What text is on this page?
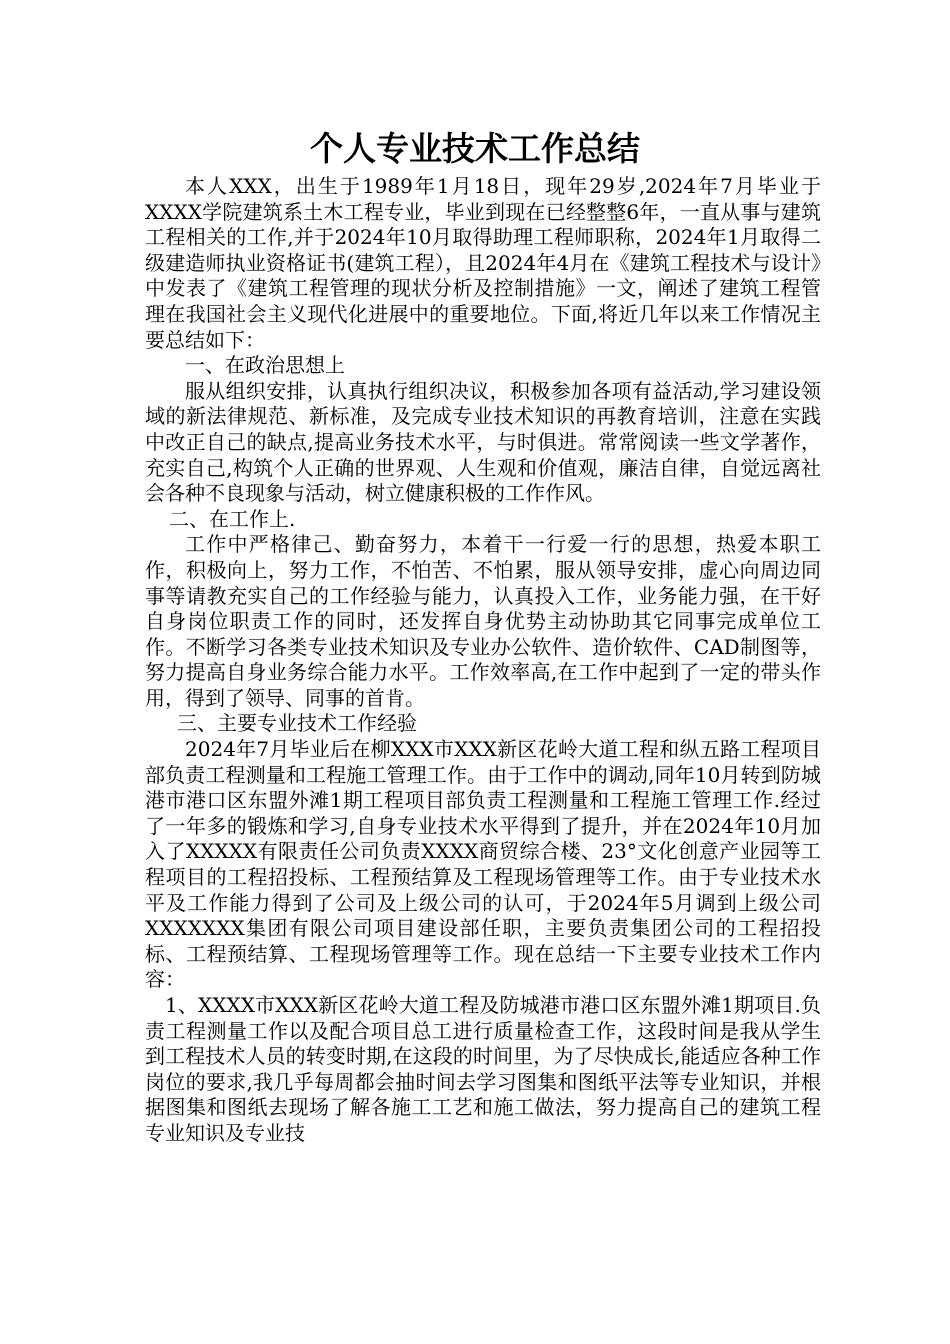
个人专业技术工作总结

本人XXX，出生于1989年1月18日，现年29岁,2024年7月毕业于XXXX学院建筑系土木工程专业，毕业到现在已经整整6年，一直从事与建筑工程相关的工作,并于2024年10月取得助理工程师职称，2024年1月取得二级建造师执业资格证书(建筑工程），且2024年4月在《建筑工程技术与设计》中发表了《建筑工程管理的现状分析及控制措施》一文，阐述了建筑工程管理在我国社会主义现代化进展中的重要地位。下面,将近几年以来工作情况主要总结如下：

一、在政治思想上

服从组织安排，认真执行组织决议，积极参加各项有益活动,学习建设领域的新法律规范、新标准，及完成专业技术知识的再教育培训，注意在实践中改正自己的缺点,提高业务技术水平，与时俱进。常常阅读一些文学著作，充实自己,构筑个人正确的世界观、人生观和价值观，廉洁自律，自觉远离社会各种不良现象与活动，树立健康积极的工作作风。

二、在工作上.

工作中严格律己、勤奋努力，本着干一行爱一行的思想，热爱本职工作，积极向上，努力工作，不怕苦、不怕累，服从领导安排，虚心向周边同事等请教充实自己的工作经验与能力，认真投入工作，业务能力强，在干好自身岗位职责工作的同时，还发挥自身优势主动协助其它同事完成单位工作。不断学习各类专业技术知识及专业办公软件、造价软件、CAD制图等，努力提高自身业务综合能力水平。工作效率高,在工作中起到了一定的带头作用，得到了领导、同事的首肯。

三、主要专业技术工作经验

2024年7月毕业后在柳XXX市XXX新区花岭大道工程和纵五路工程项目部负责工程测量和工程施工管理工作。由于工作中的调动,同年10月转到防城港市港口区东盟外滩1期工程项目部负责工程测量和工程施工管理工作.经过了一年多的锻炼和学习,自身专业技术水平得到了提升，并在2024年10月加入了XXXXX有限责任公司负责XXXX商贸综合楼、23°文化创意产业园等工程项目的工程招投标、工程预结算及工程现场管理等工作。由于专业技术水平及工作能力得到了公司及上级公司的认可，于2024年5月调到上级公司XXXXXXX集团有限公司项目建设部任职，主要负责集团公司的工程招投标、工程预结算、工程现场管理等工作。现在总结一下主要专业技术工作内容：

1、XXXX市XXX新区花岭大道工程及防城港市港口区东盟外滩1期项目.负责工程测量工作以及配合项目总工进行质量检查工作，这段时间是我从学生到工程技术人员的转变时期,在这段的时间里，为了尽快成长,能适应各种工作岗位的要求,我几乎每周都会抽时间去学习图集和图纸平法等专业知识，并根据图集和图纸去现场了解各施工工艺和施工做法，努力提高自己的建筑工程专业知识及专业技
